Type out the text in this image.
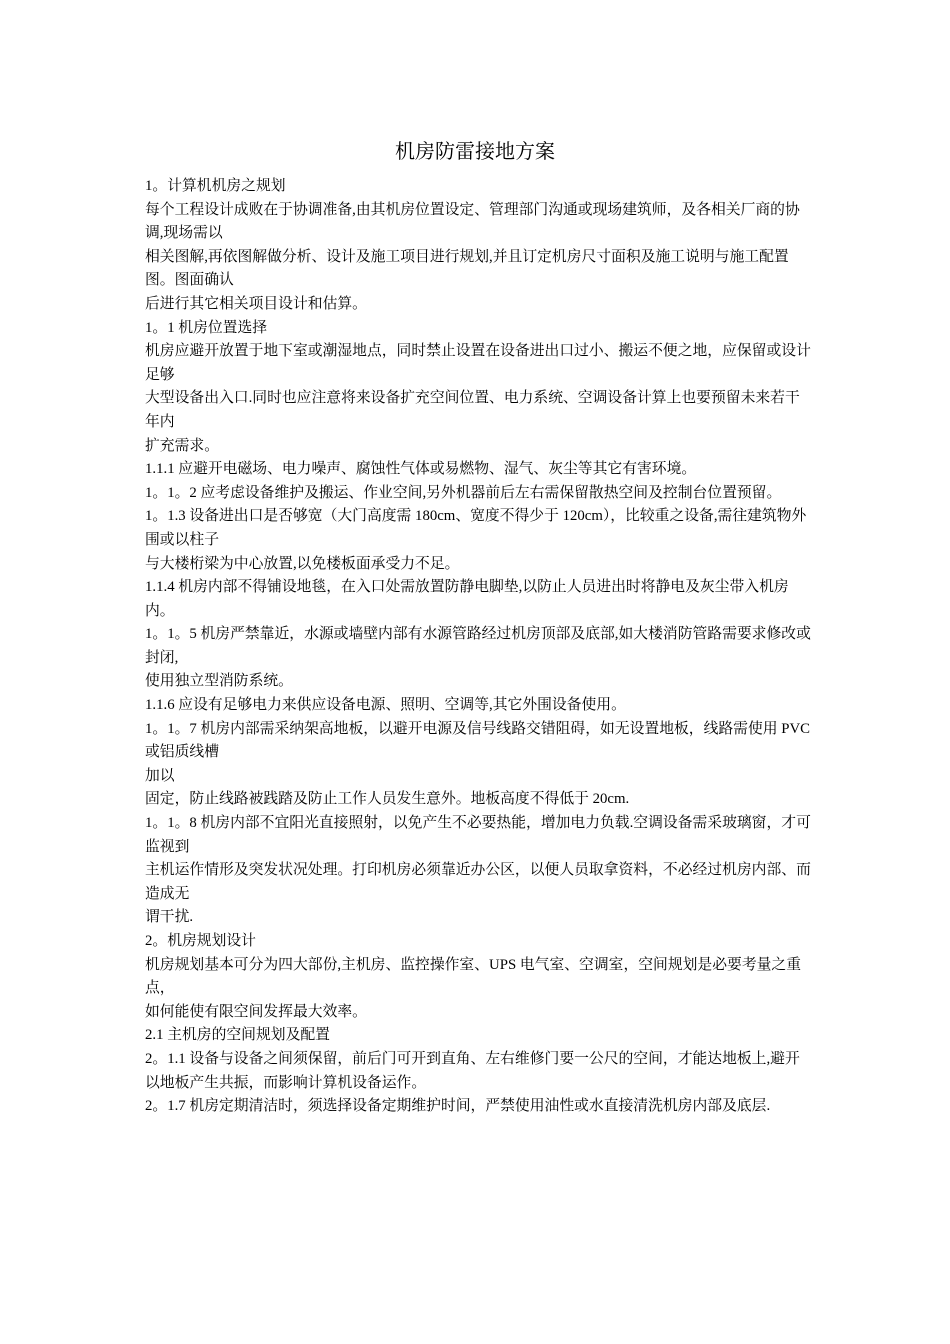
机房防雷接地方案

1。计算机机房之规划

每个工程设计成败在于协调准备,由其机房位置设定、管理部门沟通或现场建筑师，及各相关厂商的协调,现场需以

相关图解,再依图解做分析、设计及施工项目进行规划,并且订定机房尺寸面积及施工说明与施工配置图。图面确认

后进行其它相关项目设计和估算。

1。1 机房位置选择

机房应避开放置于地下室或潮湿地点，同时禁止设置在设备进出口过小、搬运不便之地，应保留或设计足够

大型设备出入口.同时也应注意将来设备扩充空间位置、电力系统、空调设备计算上也要预留未来若干年内

扩充需求。

1.1.1 应避开电磁场、电力噪声、腐蚀性气体或易燃物、湿气、灰尘等其它有害环境。

1。1。2 应考虑设备维护及搬运、作业空间,另外机器前后左右需保留散热空间及控制台位置预留。

1。1.3 设备进出口是否够宽（大门高度需 180cm、宽度不得少于 120cm），比较重之设备,需往建筑物外围或以柱子

与大楼桁梁为中心放置,以免楼板面承受力不足。

1.1.4 机房内部不得铺设地毯，在入口处需放置防静电脚垫,以防止人员进出时将静电及灰尘带入机房内。

1。1。5 机房严禁靠近，水源或墙壁内部有水源管路经过机房顶部及底部,如大楼消防管路需要求修改或封闭,

使用独立型消防系统。

1.1.6 应设有足够电力来供应设备电源、照明、空调等,其它外围设备使用。

1。1。7 机房内部需采纳架高地板，以避开电源及信号线路交错阻碍，如无设置地板，线路需使用 PVC 或铝质线槽

加以

固定，防止线路被践踏及防止工作人员发生意外。地板高度不得低于 20cm.

1。1。8 机房内部不宜阳光直接照射，以免产生不必要热能，增加电力负载.空调设备需采玻璃窗，才可监视到

主机运作情形及突发状况处理。打印机房必须靠近办公区，以便人员取拿资料，不必经过机房内部、而造成无

谓干扰.

2。机房规划设计

机房规划基本可分为四大部份,主机房、监控操作室、UPS 电气室、空调室，空间规划是必要考量之重点，

如何能使有限空间发挥最大效率。

2.1 主机房的空间规划及配置

2。1.1 设备与设备之间须保留，前后门可开到直角、左右维修门要一公尺的空间，才能达地板上,避开以地板产生共振，而影响计算机设备运作。

2。1.7 机房定期清洁时，须选择设备定期维护时间，严禁使用油性或水直接清洗机房内部及底层.
